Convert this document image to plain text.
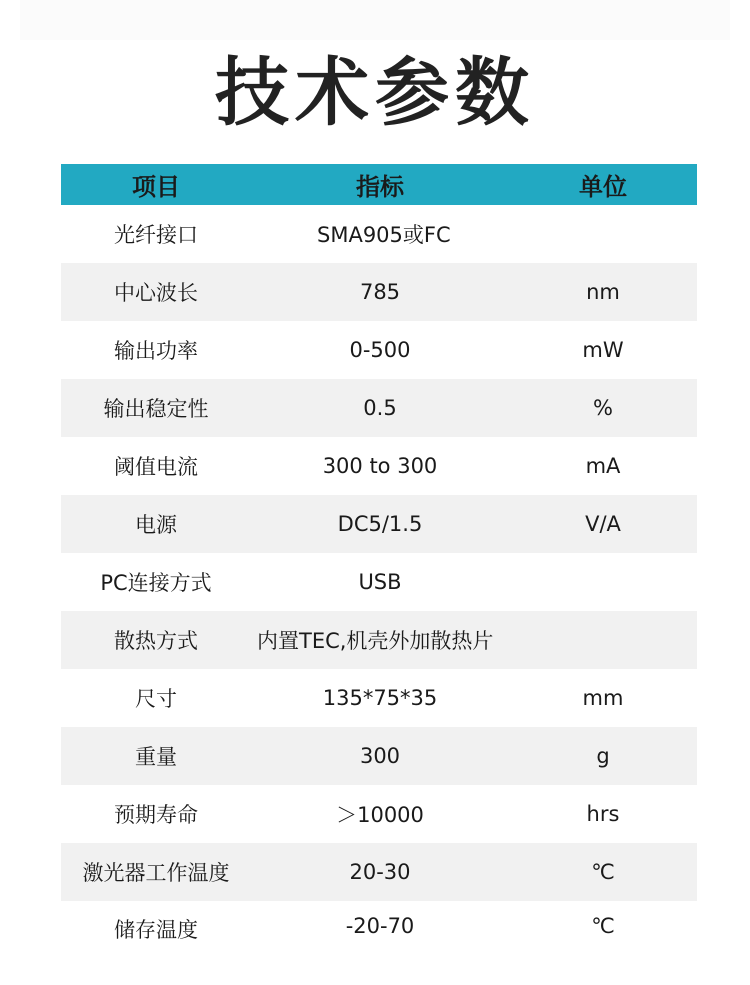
技术参数
项目	指标	单位
光纤接口	SMA905或FC
中心波长	785	nm
输出功率	0-500	mW
输出稳定性	0.5	%
阈值电流	300 to 300	mA
电源	DC5/1.5	V/A
PC连接方式	USB
散热方式	内置TEC,机壳外加散热片
尺寸	135*75*35	mm
重量	300	g
预期寿命	＞10000	hrs
激光器工作温度	20-30	℃
储存温度	-20-70	℃
